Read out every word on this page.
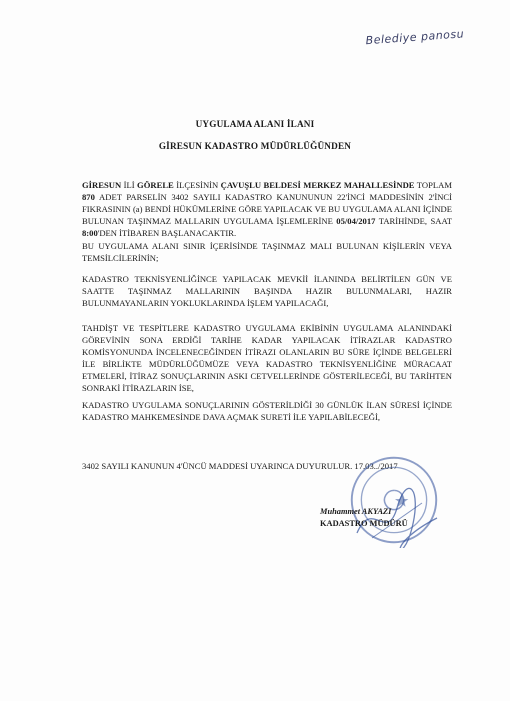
Belediye panosu
UYGULAMA ALANI İLANI
GİRESUN KADASTRO MÜDÜRLÜĞÜNDEN
GİRESUN İLİ GÖRELE İLÇESİNİN ÇAVUŞLU BELDESİ MERKEZ MAHALLESİNDE TOPLAM 870 ADET PARSELİN 3402 SAYILI KADASTRO KANUNUNUN 22'İNCİ MADDESİNİN 2'İNCİ FIKRASININ (a) BENDİ HÜKÜMLERİNE GÖRE YAPILACAK VE BU UYGULAMA ALANI İÇİNDE BULUNAN TAŞINMAZ MALLARIN UYGULAMA İŞLEMLERİNE 05/04/2017 TARİHİNDE, SAAT 8:00'DEN İTİBAREN BAŞLANACAKTIR.
BU UYGULAMA ALANI SINIR İÇERİSİNDE TAŞINMAZ MALI BULUNAN KİŞİLERİN VEYA TEMSİLCİLERİNİN;
KADASTRO TEKNİSYENLİĞİNCE YAPILACAK MEVKİİ İLANINDA BELİRTİLEN GÜN VE SAATTE TAŞINMAZ MALLARININ BAŞINDA HAZIR BULUNMALARI, HAZIR BULUNMAYANLARIN YOKLUKLARINDA İŞLEM YAPILACAĞI,
TAHDİŞT VE TESPİTLERE KADASTRO UYGULAMA EKİBİNİN UYGULAMA ALANINDAKİ GÖREVİNİN SONA ERDİĞİ TARİHE KADAR YAPILACAK İTİRAZLAR KADASTRO KOMİSYONUNDA İNCELENECEĞİNDEN İTİRAZI OLANLARIN BU SÜRE İÇİNDE BELGELERİ İLE BİRLİKTE MÜDÜRLÜĞÜMÜZE VEYA KADASTRO TEKNİSYENLİĞİNE MÜRACAAT ETMELERİ, İTİRAZ SONUÇLARININ ASKI CETVELLERİNDE GÖSTERİLECEĞİ, BU TARİHTEN SONRAKİ İTİRAZLARIN İSE,
KADASTRO UYGULAMA SONUÇLARININ GÖSTERİLDİĞİ 30 GÜNLÜK İLAN SÜRESİ İÇİNDE KADASTRO MAHKEMESİNDE DAVA AÇMAK SURETİ İLE YAPILABİLECEĞİ,
3402 SAYILI KANUNUN 4'ÜNCÜ MADDESİ UYARINCA DUYURULUR. 17.03../2017
Muhammet AKYAZI
KADASTRO MÜDÜRÜ
